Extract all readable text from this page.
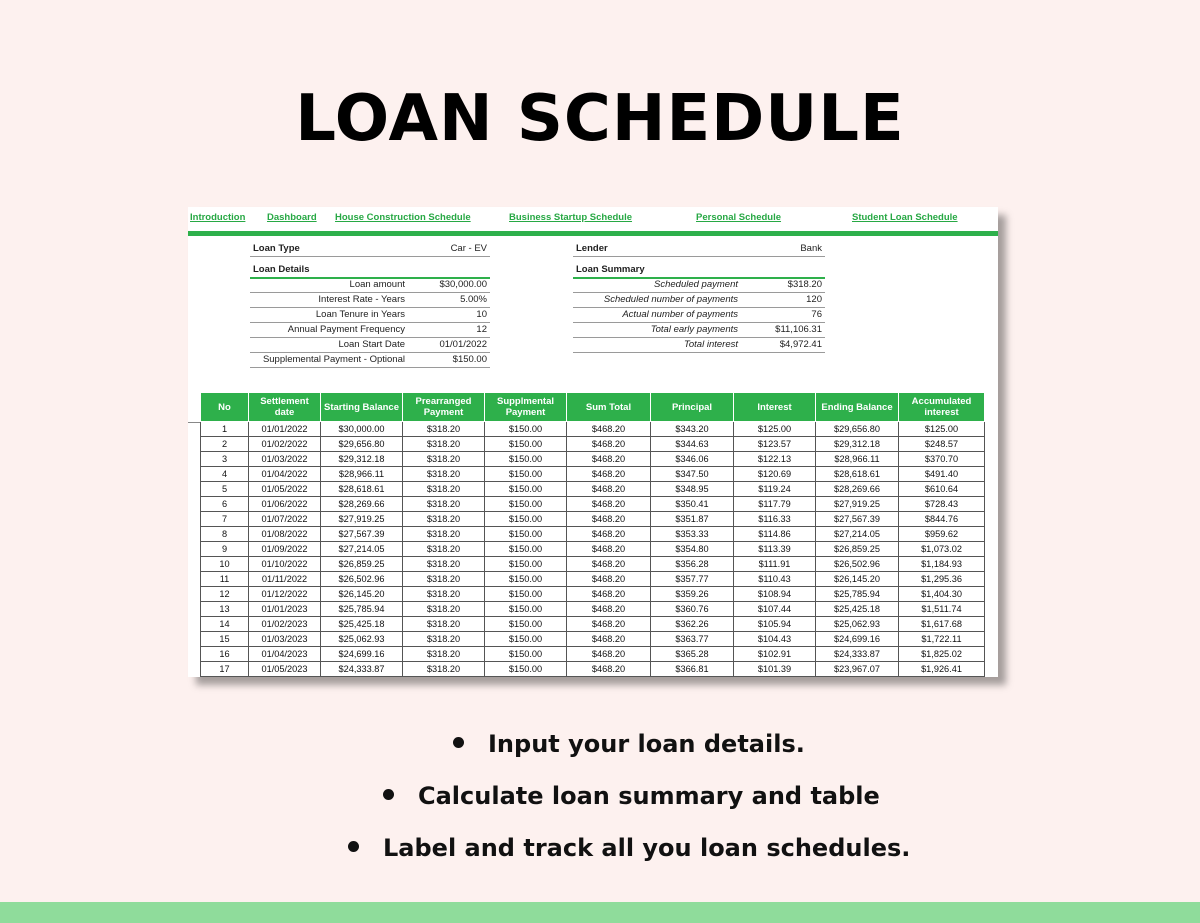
LOAN SCHEDULE
Introduction Dashboard House Construction Schedule	Business Startup Schedule	Personal Schedule	Student Loan Schedule
Loan Type	Car - EV
Loan Details
Loan amount	$30,000.00
Interest Rate - Years	5.00%
Loan Tenure in Years	10
Annual Payment Frequency	12
Loan Start Date	01/01/2022
Supplemental Payment - Optional	$150.00
Lender	Bank
Loan Summary
Scheduled payment	$318.20
Scheduled number of payments	120
Actual number of payments	76
Total early payments	$11,106.31
Total interest	$4,972.41
No	Settlement date	Starting Balance	Prearranged Payment	Supplmental Payment	Sum Total	Principal	Interest	Ending Balance	Accumulated interest
1	01/01/2022	$30,000.00	$318.20	$150.00	$468.20	$343.20	$125.00	$29,656.80	$125.00
2	01/02/2022	$29,656.80	$318.20	$150.00	$468.20	$344.63	$123.57	$29,312.18	$248.57
3	01/03/2022	$29,312.18	$318.20	$150.00	$468.20	$346.06	$122.13	$28,966.11	$370.70
4	01/04/2022	$28,966.11	$318.20	$150.00	$468.20	$347.50	$120.69	$28,618.61	$491.40
5	01/05/2022	$28,618.61	$318.20	$150.00	$468.20	$348.95	$119.24	$28,269.66	$610.64
6	01/06/2022	$28,269.66	$318.20	$150.00	$468.20	$350.41	$117.79	$27,919.25	$728.43
7	01/07/2022	$27,919.25	$318.20	$150.00	$468.20	$351.87	$116.33	$27,567.39	$844.76
8	01/08/2022	$27,567.39	$318.20	$150.00	$468.20	$353.33	$114.86	$27,214.05	$959.62
9	01/09/2022	$27,214.05	$318.20	$150.00	$468.20	$354.80	$113.39	$26,859.25	$1,073.02
10	01/10/2022	$26,859.25	$318.20	$150.00	$468.20	$356.28	$111.91	$26,502.96	$1,184.93
11	01/11/2022	$26,502.96	$318.20	$150.00	$468.20	$357.77	$110.43	$26,145.20	$1,295.36
12	01/12/2022	$26,145.20	$318.20	$150.00	$468.20	$359.26	$108.94	$25,785.94	$1,404.30
13	01/01/2023	$25,785.94	$318.20	$150.00	$468.20	$360.76	$107.44	$25,425.18	$1,511.74
14	01/02/2023	$25,425.18	$318.20	$150.00	$468.20	$362.26	$105.94	$25,062.93	$1,617.68
15	01/03/2023	$25,062.93	$318.20	$150.00	$468.20	$363.77	$104.43	$24,699.16	$1,722.11
16	01/04/2023	$24,699.16	$318.20	$150.00	$468.20	$365.28	$102.91	$24,333.87	$1,825.02
17	01/05/2023	$24,333.87	$318.20	$150.00	$468.20	$366.81	$101.39	$23,967.07	$1,926.41
Input your loan details.
Calculate loan summary and table
Label and track all you loan schedules.
